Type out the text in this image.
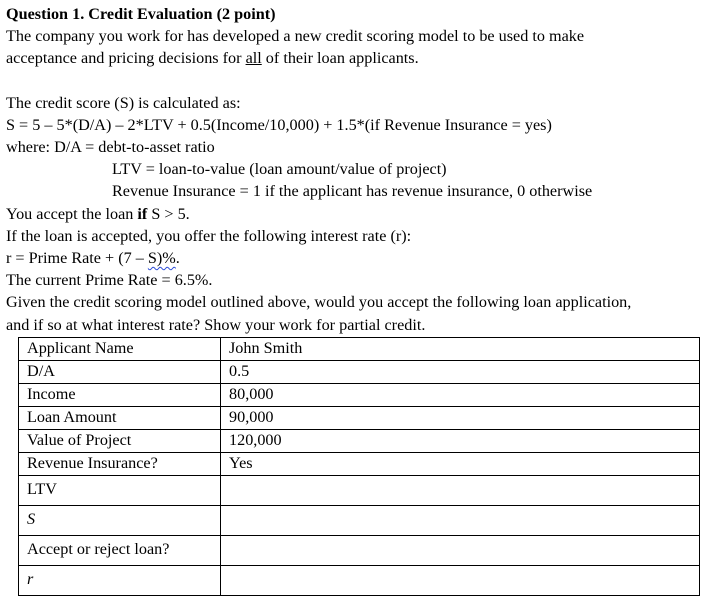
Question 1. Credit Evaluation (2 point)
The company you work for has developed a new credit scoring model to be used to make
acceptance and pricing decisions for all of their loan applicants.
The credit score (S) is calculated as:
S = 5 – 5*(D/A) – 2*LTV + 0.5(Income/10,000) + 1.5*(if Revenue Insurance = yes)
where: D/A = debt-to-asset ratio
LTV = loan-to-value (loan amount/value of project)
Revenue Insurance = 1 if the applicant has revenue insurance, 0 otherwise
You accept the loan if S > 5.
If the loan is accepted, you offer the following interest rate (r):
r = Prime Rate + (7 – S)%.
The current Prime Rate = 6.5%.
Given the credit scoring model outlined above, would you accept the following loan application,
and if so at what interest rate? Show your work for partial credit.
Applicant Name	John Smith
D/A	0.5
Income	80,000
Loan Amount	90,000
Value of Project	120,000
Revenue Insurance?	Yes
LTV	
S	
Accept or reject loan?	
r	
